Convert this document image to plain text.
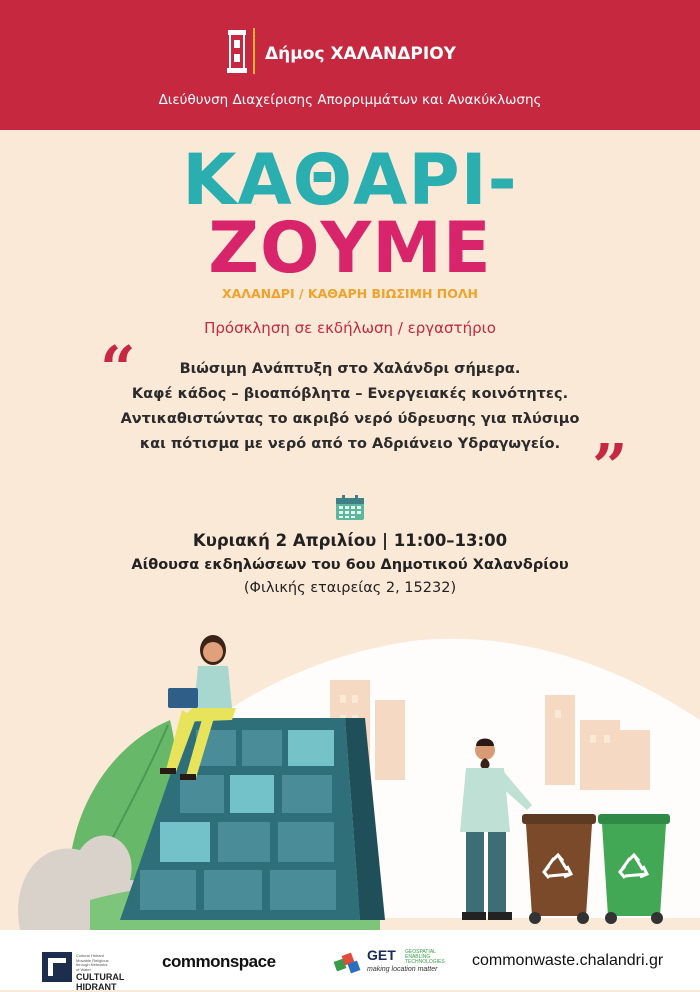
Δήμος ΧΑΛΑΝΔΡΙΟΥ
Διεύθυνση Διαχείρισης Απορριμμάτων και Ανακύκλωσης
ΚΑΘΑΡΙ-
ΖΟΥΜΕ
ΧΑΛΑΝΔΡΙ / ΚΑΘΑΡΗ ΒΙΩΣΙΜΗ ΠΟΛΗ
Πρόσκληση σε εκδήλωση / εργαστήριο
“	Βιώσιμη Ανάπτυξη στο Χαλάνδρι σήμερα.
Καφέ κάδος – βιοαπόβλητα – Ενεργειακές κοινότητες.
Αντικαθιστώντας το ακριβό νερό ύδρευσης για πλύσιμο
και πότισμα με νερό από το Αδριάνειο Υδραγωγείο. ”
Κυριακή 2 Απριλίου | 11:00–13:00
Αίθουσα εκδηλώσεων του 6ου Δημοτικού Χαλανδρίου
(Φιλικής εταιρείας 2, 15232)
Cultural Hidrant
Movable Religious
through Networks
of Water
CULTURAL
HIDRANT
commonspace	GET GEOSPATIAL
ENABLING
TECHNOLOGIES
making location matter
commonwaste.chalandri.gr
